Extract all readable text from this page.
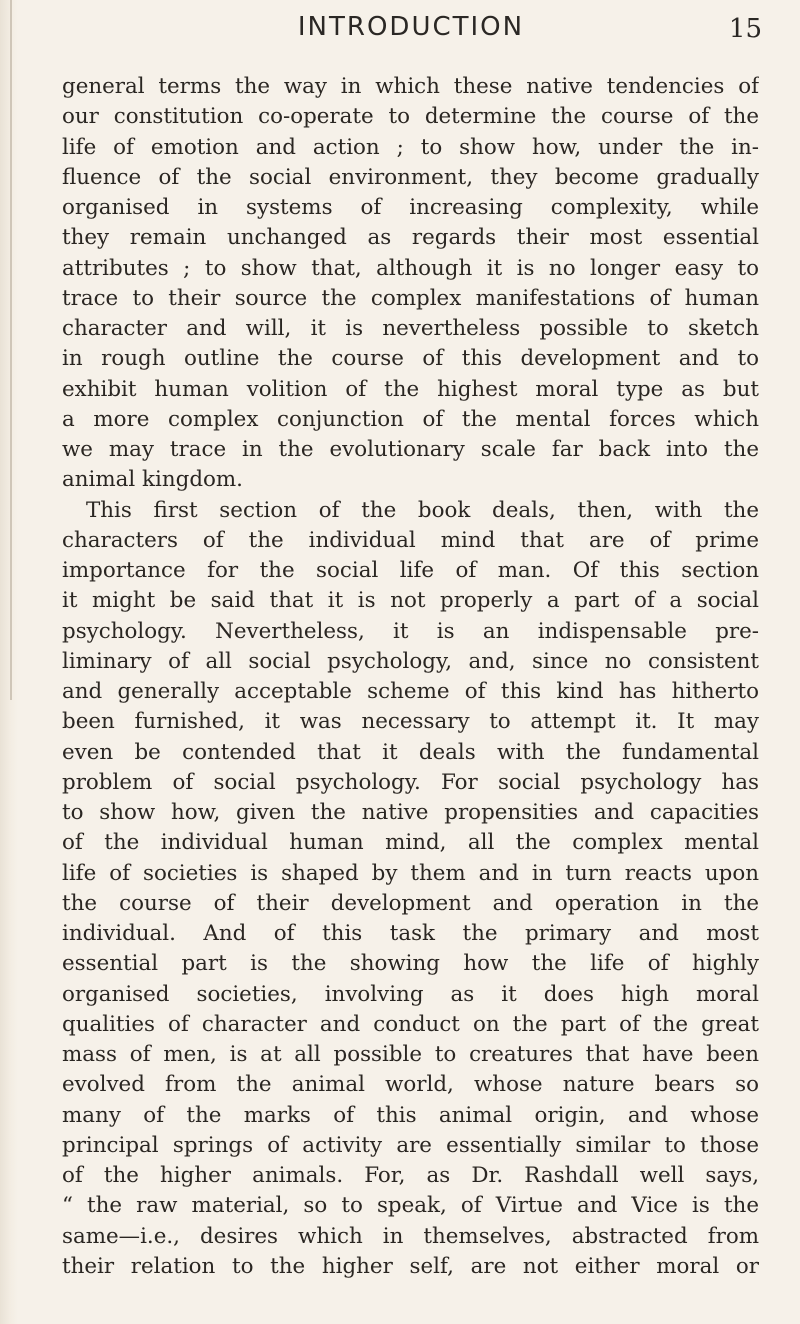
INTRODUCTION	15
general terms the way in which these native tendencies of
our constitution co-operate to determine the course of the
life of emotion and action ; to show how, under the in-
fluence of the social environment, they become gradually
organised in systems of increasing complexity, while
they remain unchanged as regards their most essential
attributes ; to show that, although it is no longer easy to
trace to their source the complex manifestations of human
character and will, it is nevertheless possible to sketch
in rough outline the course of this development and to
exhibit human volition of the highest moral type as but
a more complex conjunction of the mental forces which
we may trace in the evolutionary scale far back into the
animal kingdom.
This first section of the book deals, then, with the
characters of the individual mind that are of prime
importance for the social life of man. Of this section
it might be said that it is not properly a part of a social
psychology. Nevertheless, it is an indispensable pre-
liminary of all social psychology, and, since no consistent
and generally acceptable scheme of this kind has hitherto
been furnished, it was necessary to attempt it. It may
even be contended that it deals with the fundamental
problem of social psychology. For social psychology has
to show how, given the native propensities and capacities
of the individual human mind, all the complex mental
life of societies is shaped by them and in turn reacts upon
the course of their development and operation in the
individual. And of this task the primary and most
essential part is the showing how the life of highly
organised societies, involving as it does high moral
qualities of character and conduct on the part of the great
mass of men, is at all possible to creatures that have been
evolved from the animal world, whose nature bears so
many of the marks of this animal origin, and whose
principal springs of activity are essentially similar to those
of the higher animals. For, as Dr. Rashdall well says,
“ the raw material, so to speak, of Virtue and Vice is the
same—i.e., desires which in themselves, abstracted from
their relation to the higher self, are not either moral or
